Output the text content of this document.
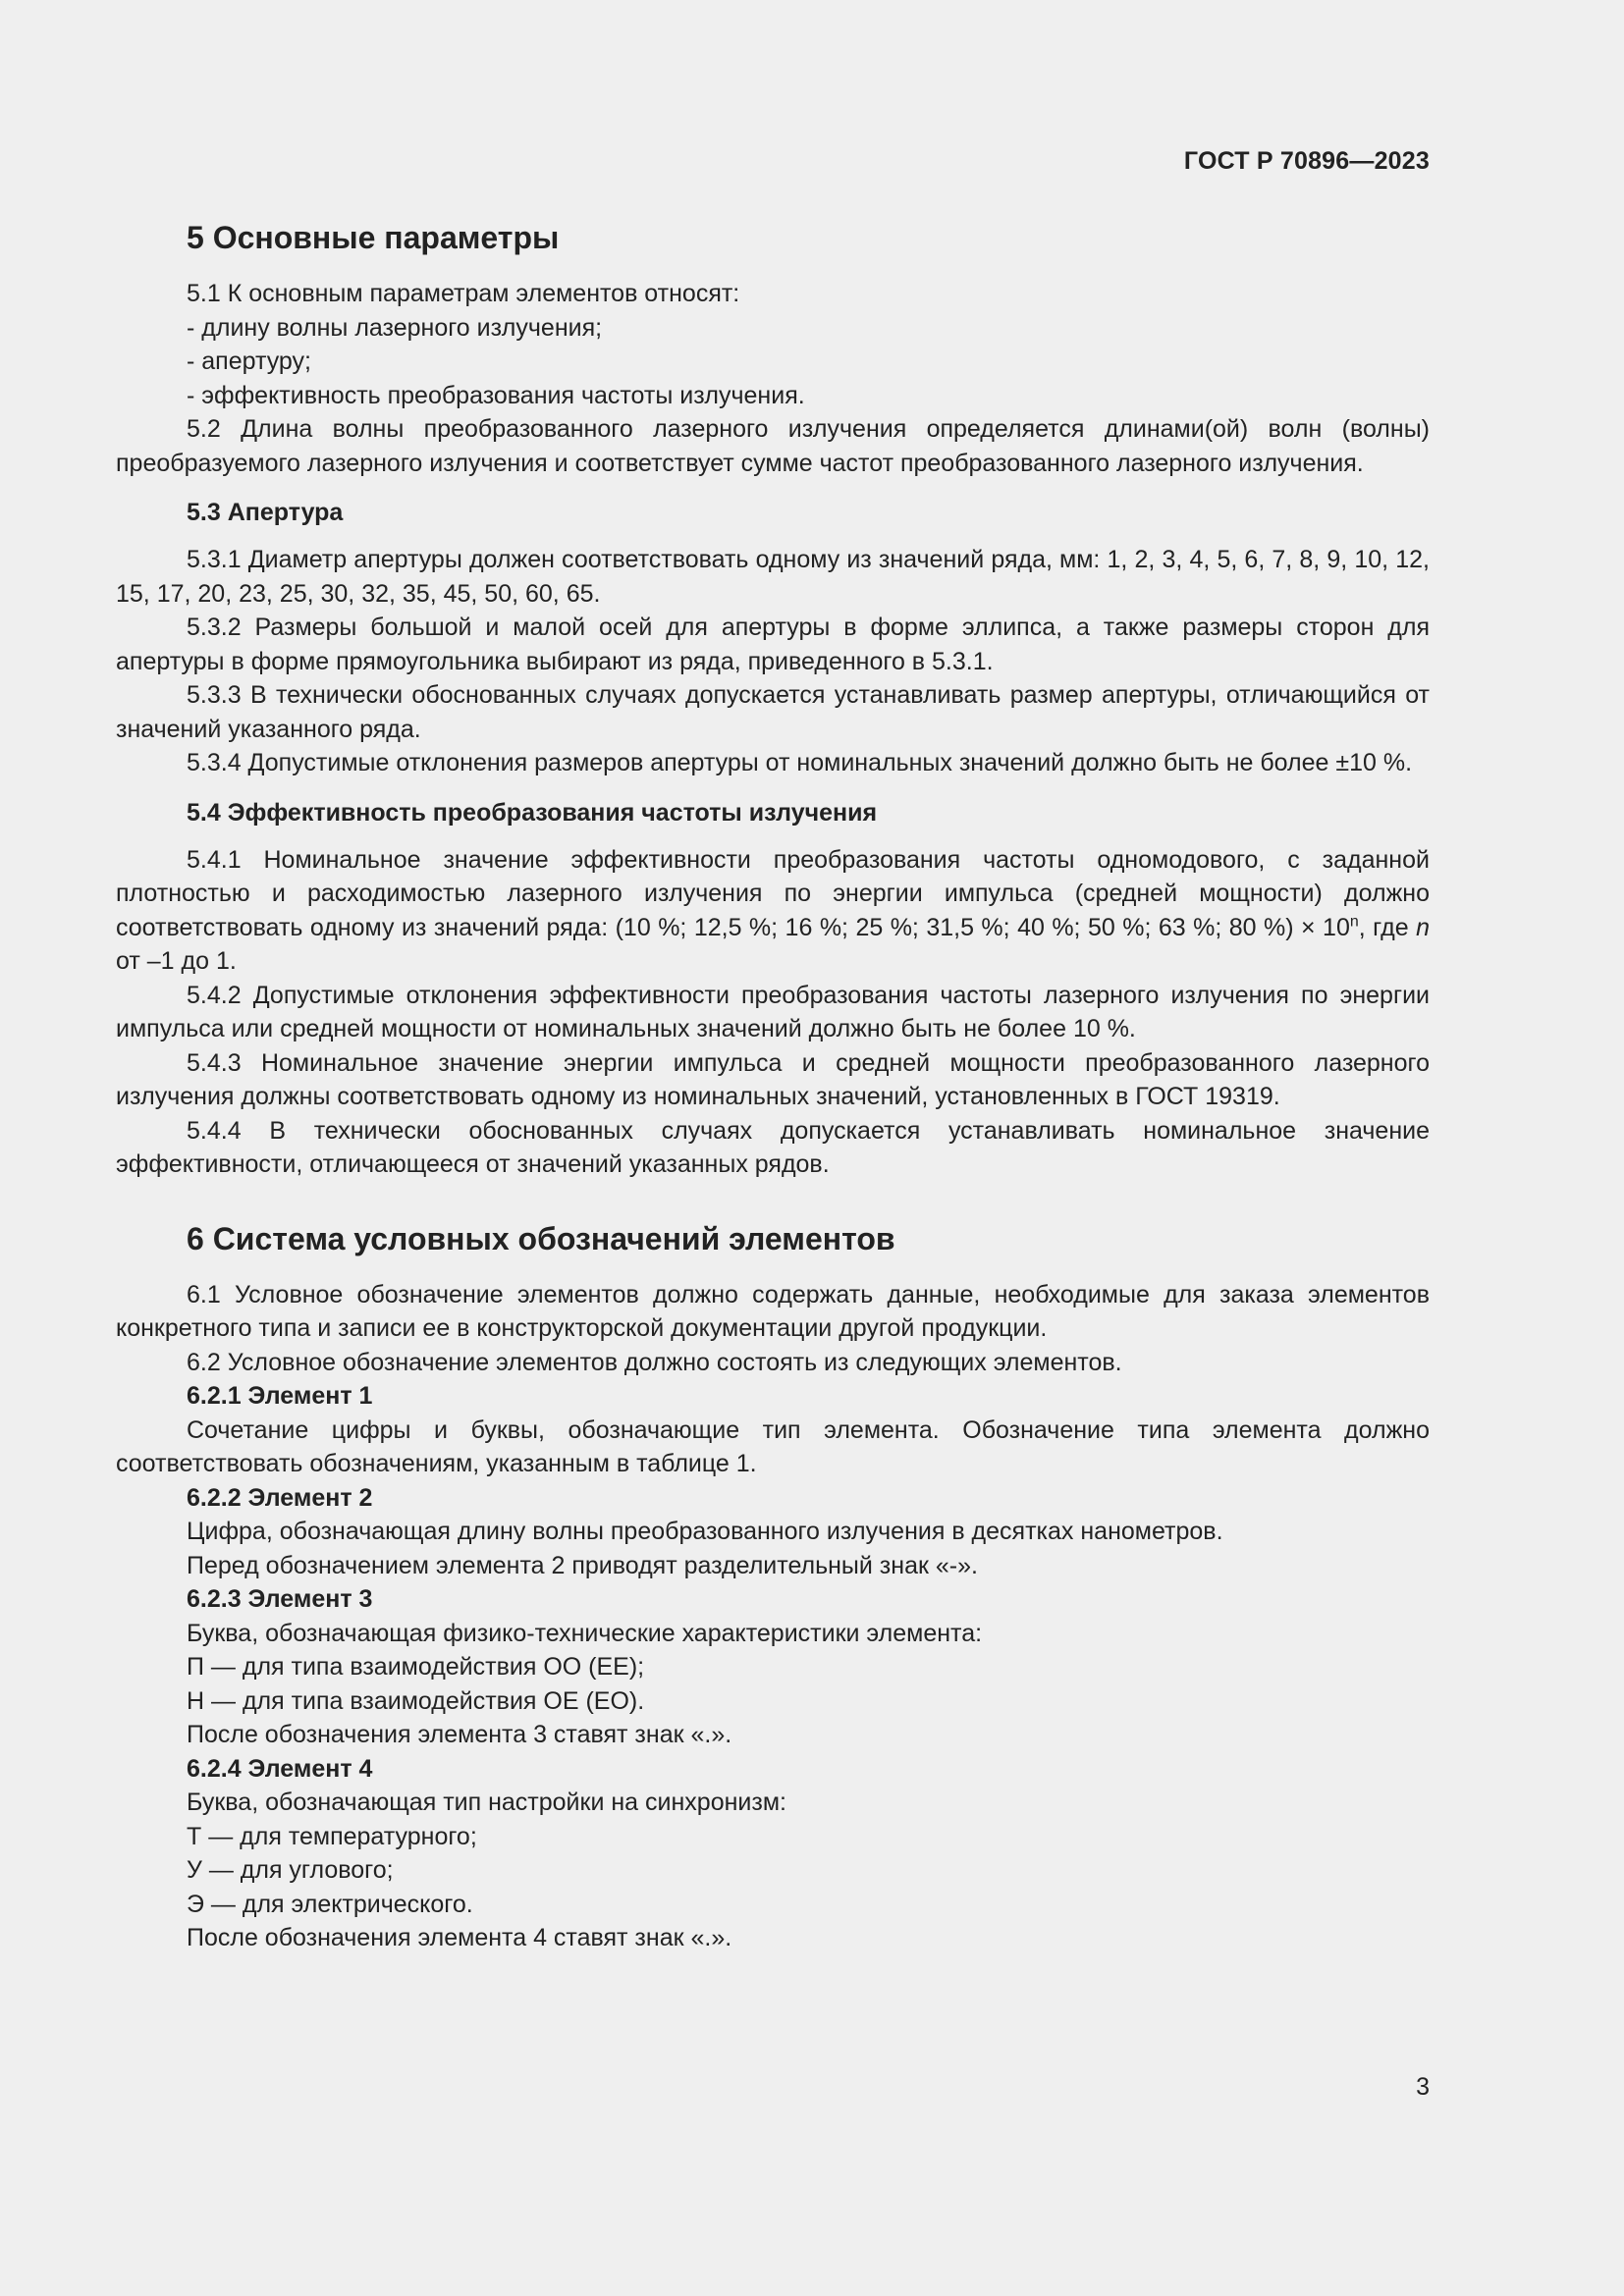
ГОСТ Р 70896—2023
5 Основные параметры

5.1 К основным параметрам элементов относят:

- длину волны лазерного излучения;

- апертуру;

- эффективность преобразования частоты излучения.

5.2 Длина волны преобразованного лазерного излучения определяется длинами(ой) волн (волны) преобразуемого лазерного излучения и соответствует сумме частот преобразованного лазерного излучения.

5.3 Апертура

5.3.1 Диаметр апертуры должен соответствовать одному из значений ряда, мм: 1, 2, 3, 4, 5, 6, 7, 8, 9, 10, 12, 15, 17, 20, 23, 25, 30, 32, 35, 45, 50, 60, 65.

5.3.2 Размеры большой и малой осей для апертуры в форме эллипса, а также размеры сторон для апертуры в форме прямоугольника выбирают из ряда, приведенного в 5.3.1.

5.3.3 В технически обоснованных случаях допускается устанавливать размер апертуры, отличающийся от значений указанного ряда.

5.3.4 Допустимые отклонения размеров апертуры от номинальных значений должно быть не более ±10 %.

5.4 Эффективность преобразования частоты излучения

5.4.1 Номинальное значение эффективности преобразования частоты одномодового, с заданной плотностью и расходимостью лазерного излучения по энергии импульса (средней мощности) должно соответствовать одному из значений ряда: (10 %; 12,5 %; 16 %; 25 %; 31,5 %; 40 %; 50 %; 63 %; 80 %) × $10^n$, где n от –1 до 1.

5.4.2 Допустимые отклонения эффективности преобразования частоты лазерного излучения по энергии импульса или средней мощности от номинальных значений должно быть не более 10 %.

5.4.3 Номинальное значение энергии импульса и средней мощности преобразованного лазерного излучения должны соответствовать одному из номинальных значений, установленных в ГОСТ 19319.

5.4.4 В технически обоснованных случаях допускается устанавливать номинальное значение эффективности, отличающееся от значений указанных рядов.

6 Система условных обозначений элементов

6.1 Условное обозначение элементов должно содержать данные, необходимые для заказа элементов конкретного типа и записи ее в конструкторской документации другой продукции.

6.2 Условное обозначение элементов должно состоять из следующих элементов.

6.2.1 Элемент 1

Сочетание цифры и буквы, обозначающие тип элемента. Обозначение типа элемента должно соответствовать обозначениям, указанным в таблице 1.

6.2.2 Элемент 2

Цифра, обозначающая длину волны преобразованного излучения в десятках нанометров.

Перед обозначением элемента 2 приводят разделительный знак «-».

6.2.3 Элемент 3

Буква, обозначающая физико-технические характеристики элемента:

П — для типа взаимодействия ОО (ЕЕ);

Н — для типа взаимодействия ОЕ (ЕО).

После обозначения элемента 3 ставят знак «.».

6.2.4 Элемент 4

Буква, обозначающая тип настройки на синхронизм:

Т — для температурного;

У — для углового;

Э — для электрического.

После обозначения элемента 4 ставят знак «.».

3
